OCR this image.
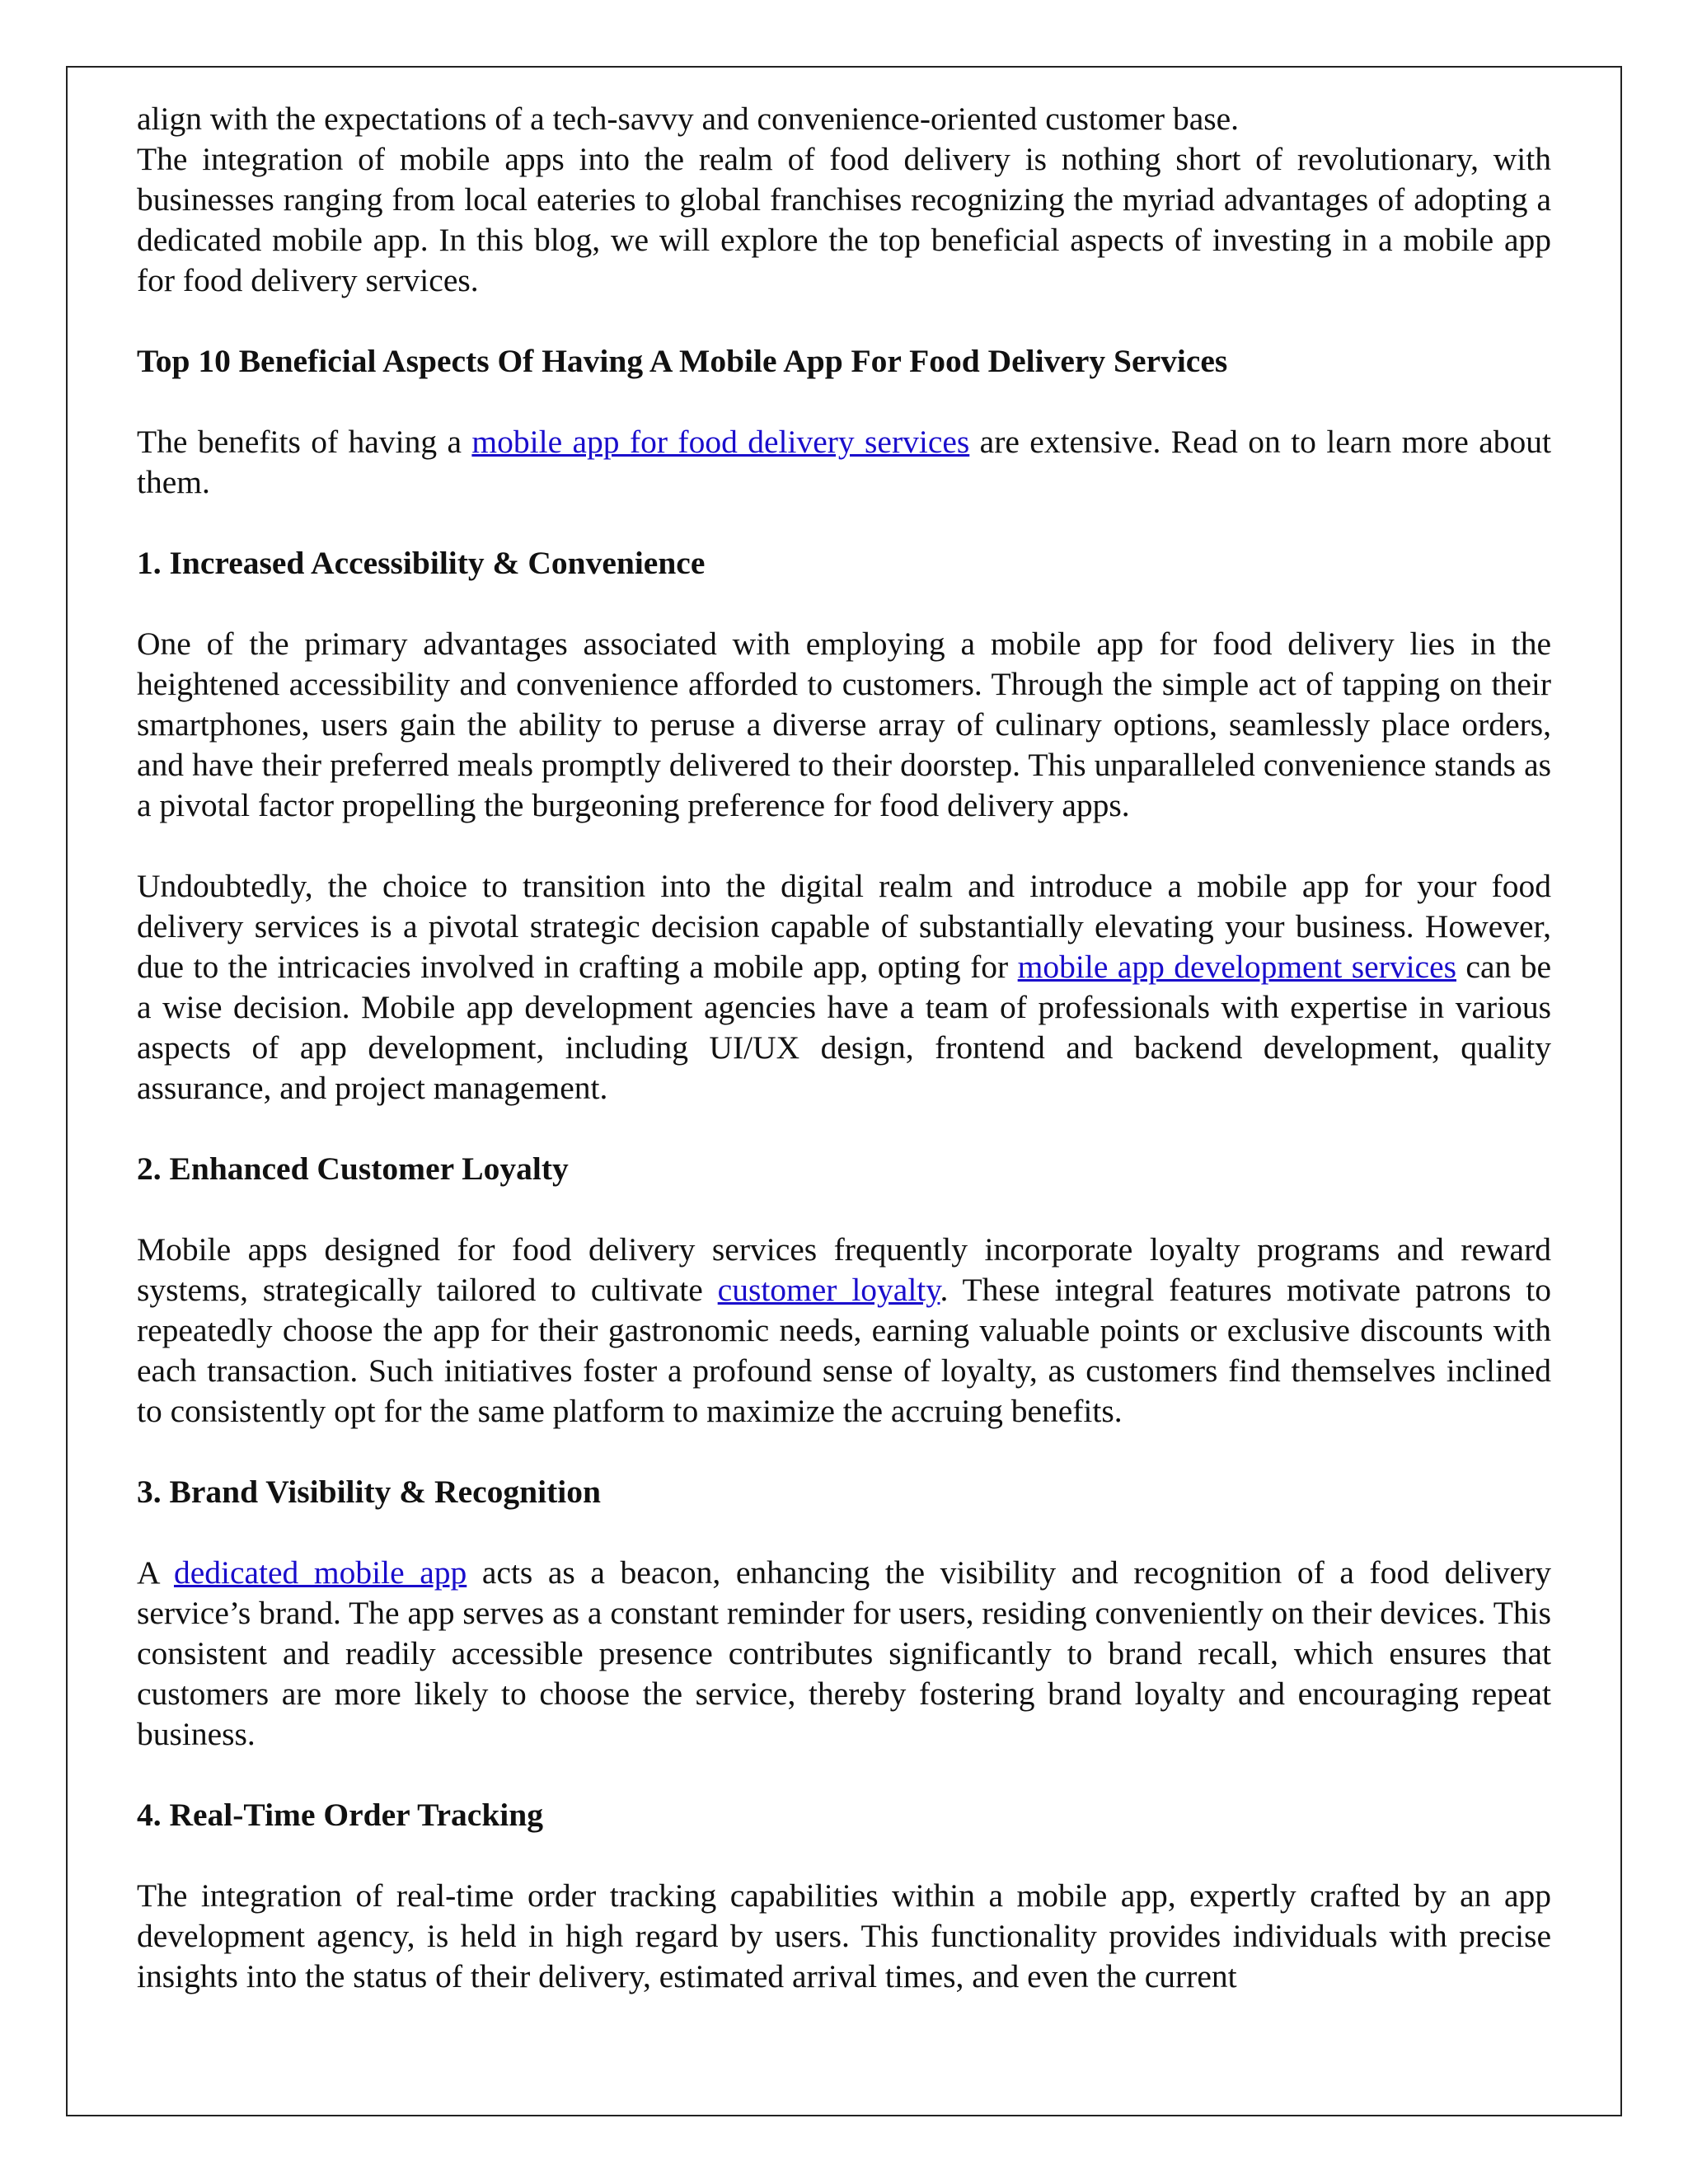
align with the expectations of a tech-savvy and convenience-oriented customer base.

The integration of mobile apps into the realm of food delivery is nothing short of revolutionary, with businesses ranging from local eateries to global franchises recognizing the myriad advantages of adopting a dedicated mobile app. In this blog, we will explore the top beneficial aspects of investing in a mobile app for food delivery services.

Top 10 Beneficial Aspects Of Having A Mobile App For Food Delivery Services

The benefits of having a mobile app for food delivery services are extensive. Read on to learn more about them.

1. Increased Accessibility & Convenience

One of the primary advantages associated with employing a mobile app for food delivery lies in the heightened accessibility and convenience afforded to customers. Through the simple act of tapping on their smartphones, users gain the ability to peruse a diverse array of culinary options, seamlessly place orders, and have their preferred meals promptly delivered to their doorstep. This unparalleled convenience stands as a pivotal factor propelling the burgeoning preference for food delivery apps.

Undoubtedly, the choice to transition into the digital realm and introduce a mobile app for your food delivery services is a pivotal strategic decision capable of substantially elevating your business. However, due to the intricacies involved in crafting a mobile app, opting for mobile app development services can be a wise decision. Mobile app development agencies have a team of professionals with expertise in various aspects of app development, including UI/UX design, frontend and backend development, quality assurance, and project management.

2. Enhanced Customer Loyalty

Mobile apps designed for food delivery services frequently incorporate loyalty programs and reward systems, strategically tailored to cultivate customer loyalty. These integral features motivate patrons to repeatedly choose the app for their gastronomic needs, earning valuable points or exclusive discounts with each transaction. Such initiatives foster a profound sense of loyalty, as customers find themselves inclined to consistently opt for the same platform to maximize the accruing benefits.

3. Brand Visibility & Recognition

A dedicated mobile app acts as a beacon, enhancing the visibility and recognition of a food delivery service’s brand. The app serves as a constant reminder for users, residing conveniently on their devices. This consistent and readily accessible presence contributes significantly to brand recall, which ensures that customers are more likely to choose the service, thereby fostering brand loyalty and encouraging repeat business.

4. Real-Time Order Tracking

The integration of real-time order tracking capabilities within a mobile app, expertly crafted by an app development agency, is held in high regard by users. This functionality provides individuals with precise insights into the status of their delivery, estimated arrival times, and even the current
